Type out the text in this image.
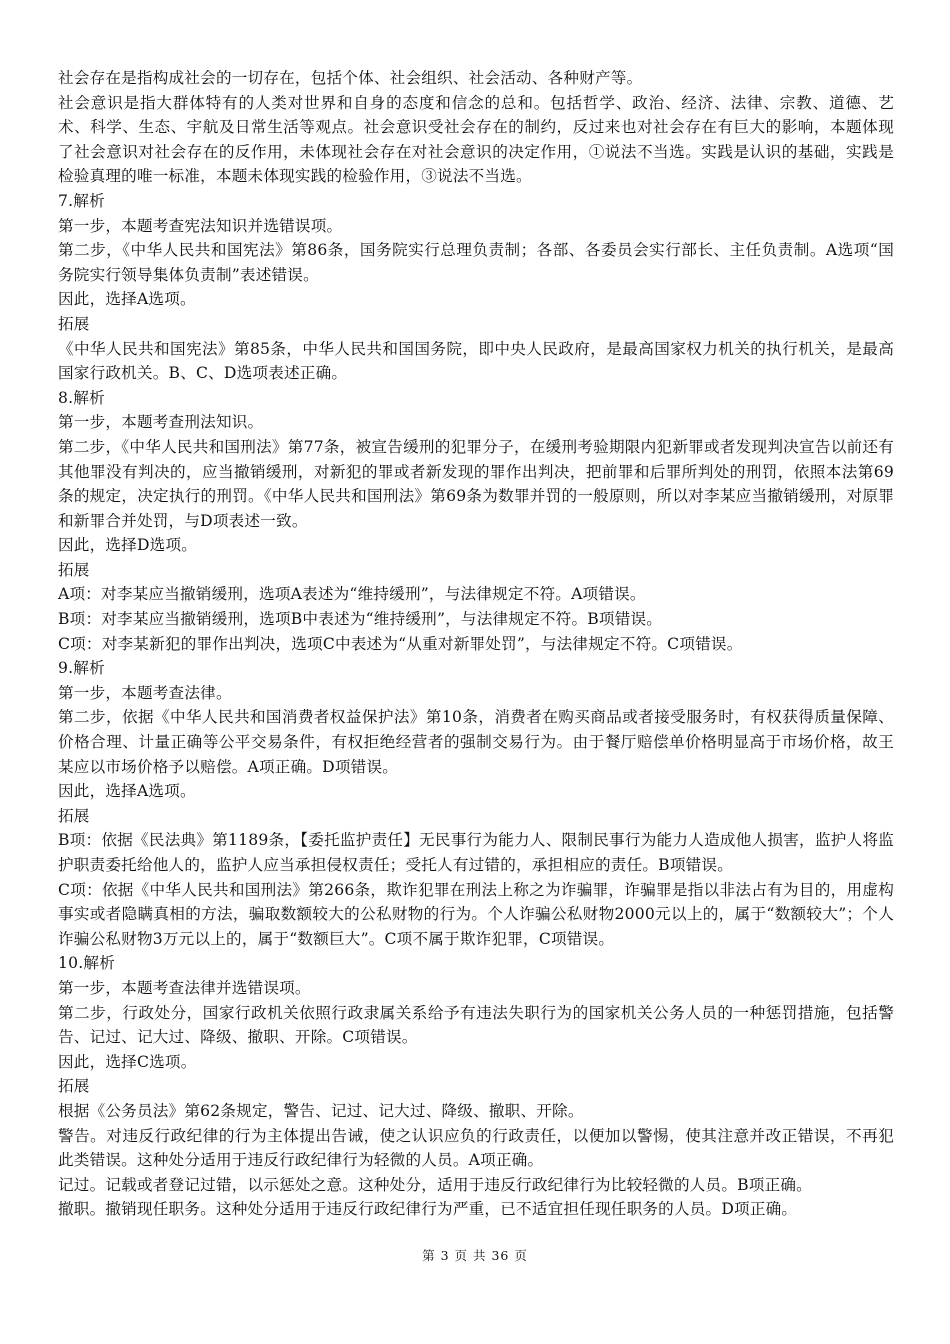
社会存在是指构成社会的一切存在，包括个体、社会组织、社会活动、各种财产等。

社会意识是指大群体特有的人类对世界和自身的态度和信念的总和。包括哲学、政治、经济、法律、宗教、道德、艺术、科学、生态、宇航及日常生活等观点。社会意识受社会存在的制约，反过来也对社会存在有巨大的影响，本题体现了社会意识对社会存在的反作用，未体现社会存在对社会意识的决定作用，①说法不当选。实践是认识的基础，实践是检验真理的唯一标准，本题未体现实践的检验作用，③说法不当选。

7.解析

第一步，本题考查宪法知识并选错误项。

第二步，《中华人民共和国宪法》第86条，国务院实行总理负责制；各部、各委员会实行部长、主任负责制。A选项“国务院实行领导集体负责制”表述错误。

因此，选择A选项。

拓展

《中华人民共和国宪法》第85条，中华人民共和国国务院，即中央人民政府，是最高国家权力机关的执行机关，是最高国家行政机关。B、C、D选项表述正确。

8.解析

第一步，本题考查刑法知识。

第二步，《中华人民共和国刑法》第77条，被宣告缓刑的犯罪分子，在缓刑考验期限内犯新罪或者发现判决宣告以前还有其他罪没有判决的，应当撤销缓刑，对新犯的罪或者新发现的罪作出判决，把前罪和后罪所判处的刑罚，依照本法第69条的规定，决定执行的刑罚。《中华人民共和国刑法》第69条为数罪并罚的一般原则，所以对李某应当撤销缓刑，对原罪和新罪合并处罚，与D项表述一致。

因此，选择D选项。

拓展

A项：对李某应当撤销缓刑，选项A表述为“维持缓刑”，与法律规定不符。A项错误。

B项：对李某应当撤销缓刑，选项B中表述为“维持缓刑”，与法律规定不符。B项错误。

C项：对李某新犯的罪作出判决，选项C中表述为“从重对新罪处罚”，与法律规定不符。C项错误。

9.解析

第一步，本题考查法律。

第二步，依据《中华人民共和国消费者权益保护法》第10条，消费者在购买商品或者接受服务时，有权获得质量保障、价格合理、计量正确等公平交易条件，有权拒绝经营者的强制交易行为。由于餐厅赔偿单价格明显高于市场价格，故王某应以市场价格予以赔偿。A项正确。D项错误。

因此，选择A选项。

拓展

B项：依据《民法典》第1189条，【委托监护责任】无民事行为能力人、限制民事行为能力人造成他人损害，监护人将监护职责委托给他人的，监护人应当承担侵权责任；受托人有过错的，承担相应的责任。B项错误。

C项：依据《中华人民共和国刑法》第266条，欺诈犯罪在刑法上称之为诈骗罪，诈骗罪是指以非法占有为目的，用虚构事实或者隐瞒真相的方法，骗取数额较大的公私财物的行为。个人诈骗公私财物2000元以上的，属于“数额较大”；个人诈骗公私财物3万元以上的，属于“数额巨大”。C项不属于欺诈犯罪，C项错误。

10.解析

第一步，本题考查法律并选错误项。

第二步，行政处分，国家行政机关依照行政隶属关系给予有违法失职行为的国家机关公务人员的一种惩罚措施，包括警告、记过、记大过、降级、撤职、开除。C项错误。

因此，选择C选项。

拓展

根据《公务员法》第62条规定，警告、记过、记大过、降级、撤职、开除。

警告。对违反行政纪律的行为主体提出告诫，使之认识应负的行政责任，以便加以警惕，使其注意并改正错误，不再犯此类错误。这种处分适用于违反行政纪律行为轻微的人员。A项正确。

记过。记载或者登记过错，以示惩处之意。这种处分，适用于违反行政纪律行为比较轻微的人员。B项正确。

撤职。撤销现任职务。这种处分适用于违反行政纪律行为严重，已不适宜担任现任职务的人员。D项正确。

第 3 页 共 36 页
